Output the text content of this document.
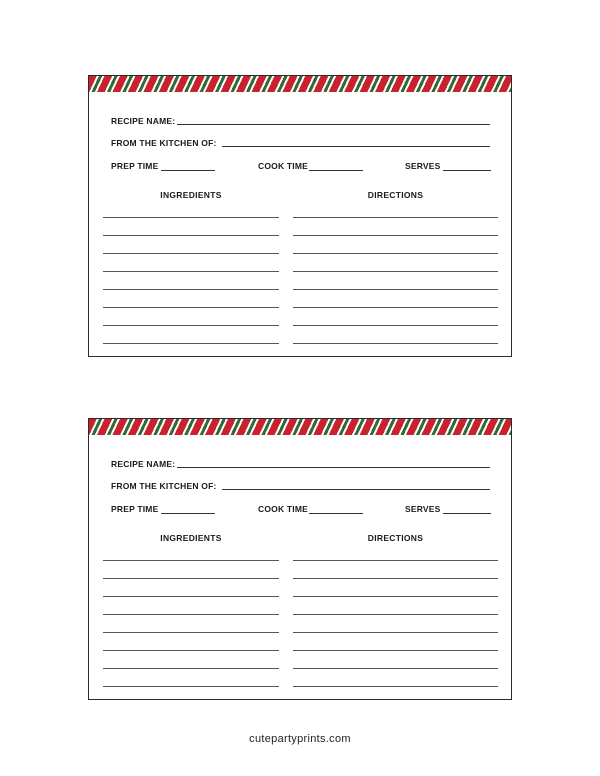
RECIPE NAME:
FROM THE KITCHEN OF:
PREP TIME	COOK TIME	SERVES
INGREDIENTS	DIRECTIONS
RECIPE NAME:
FROM THE KITCHEN OF:
PREP TIME	COOK TIME	SERVES
INGREDIENTS	DIRECTIONS
cutepartyprints.com
